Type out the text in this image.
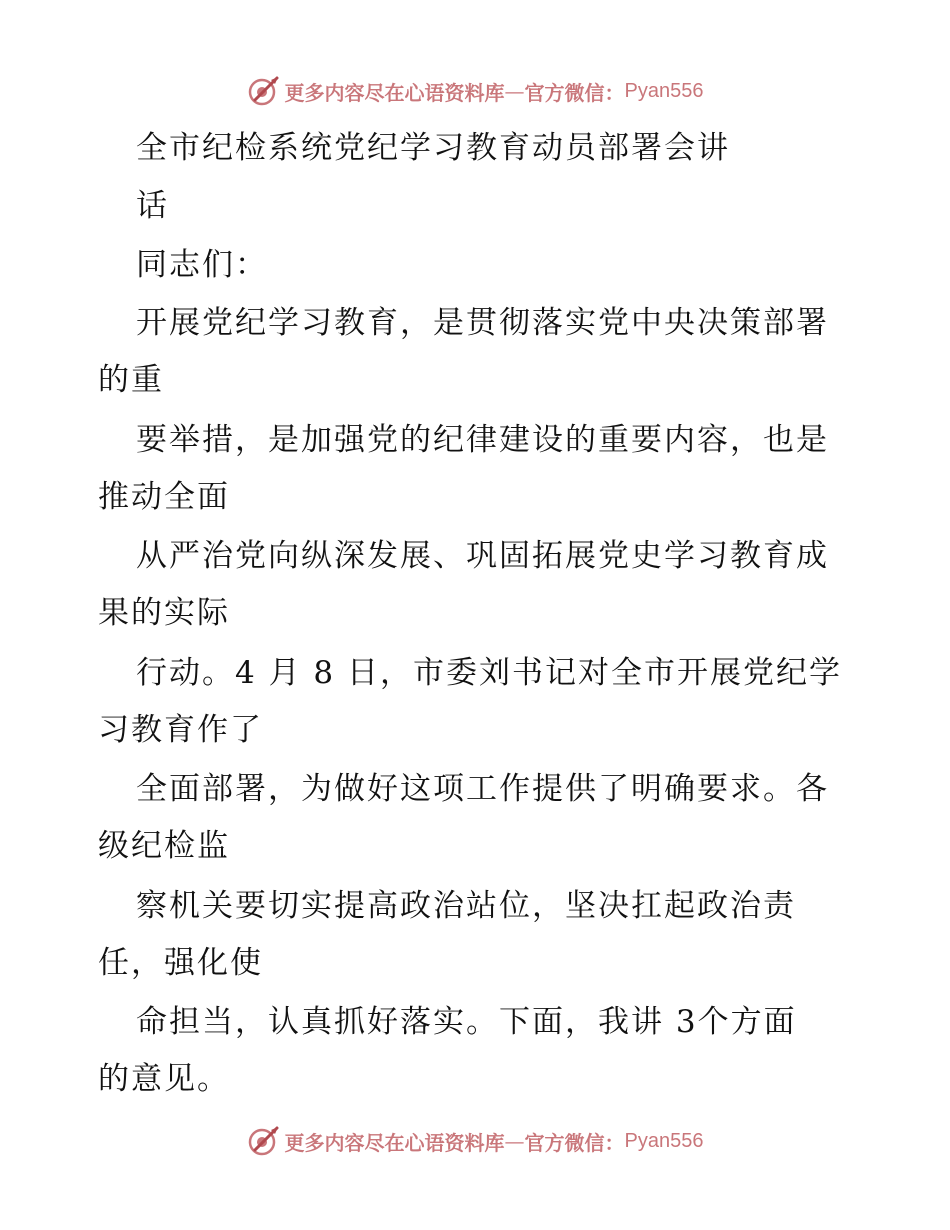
更多内容尽在心语资料库 — 官方微信： Pyan556
全市纪检系统党纪学习教育动员部署会讲
话
同志们：
开展党纪学习教育，是贯彻落实党中央决策部署
的重
要举措，是加强党的纪律建设的重要内容，也是
推动全面
从严治党向纵深发展、巩固拓展党史学习教育成
果的实际
行动。4 月 8 日，市委刘书记对全市开展党纪学
习教育作了
全面部署，为做好这项工作提供了明确要求。各
级纪检监
察机关要切实提高政治站位，坚决扛起政治责
任，强化使
命担当，认真抓好落实。下面，我讲 3个方面
的意见。
更多内容尽在心语资料库 — 官方微信： Pyan556
